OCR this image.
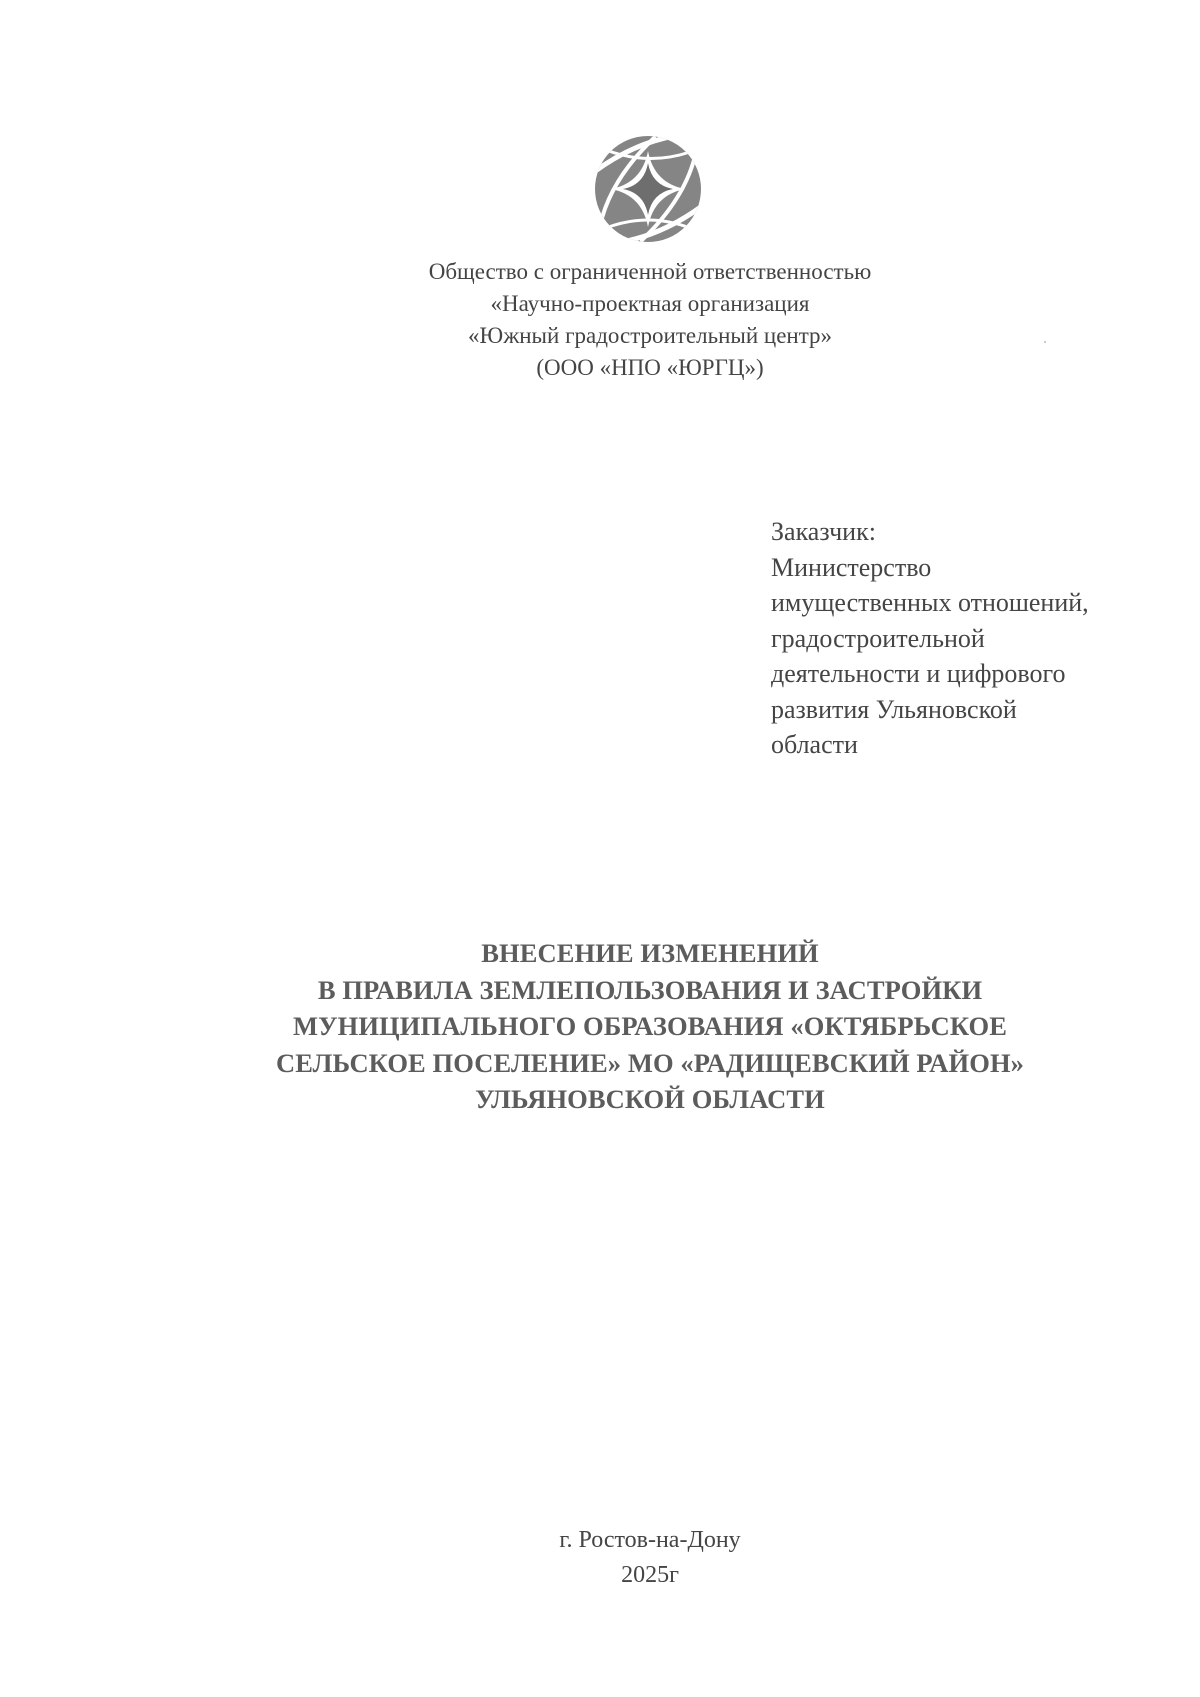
Общество с ограниченной ответственностью
«Научно-проектная организация
«Южный градостроительный центр»
(ООО «НПО «ЮРГЦ»)
Заказчик:
Министерство
имущественных отношений,
градостроительной
деятельности и цифрового
развития Ульяновской
области
ВНЕСЕНИЕ ИЗМЕНЕНИЙ
В ПРАВИЛА ЗЕМЛЕПОЛЬЗОВАНИЯ И ЗАСТРОЙКИ
МУНИЦИПАЛЬНОГО ОБРАЗОВАНИЯ «ОКТЯБРЬСКОЕ
СЕЛЬСКОЕ ПОСЕЛЕНИЕ» МО «РАДИЩЕВСКИЙ РАЙОН»
УЛЬЯНОВСКОЙ ОБЛАСТИ
г. Ростов-на-Дону
2025г
